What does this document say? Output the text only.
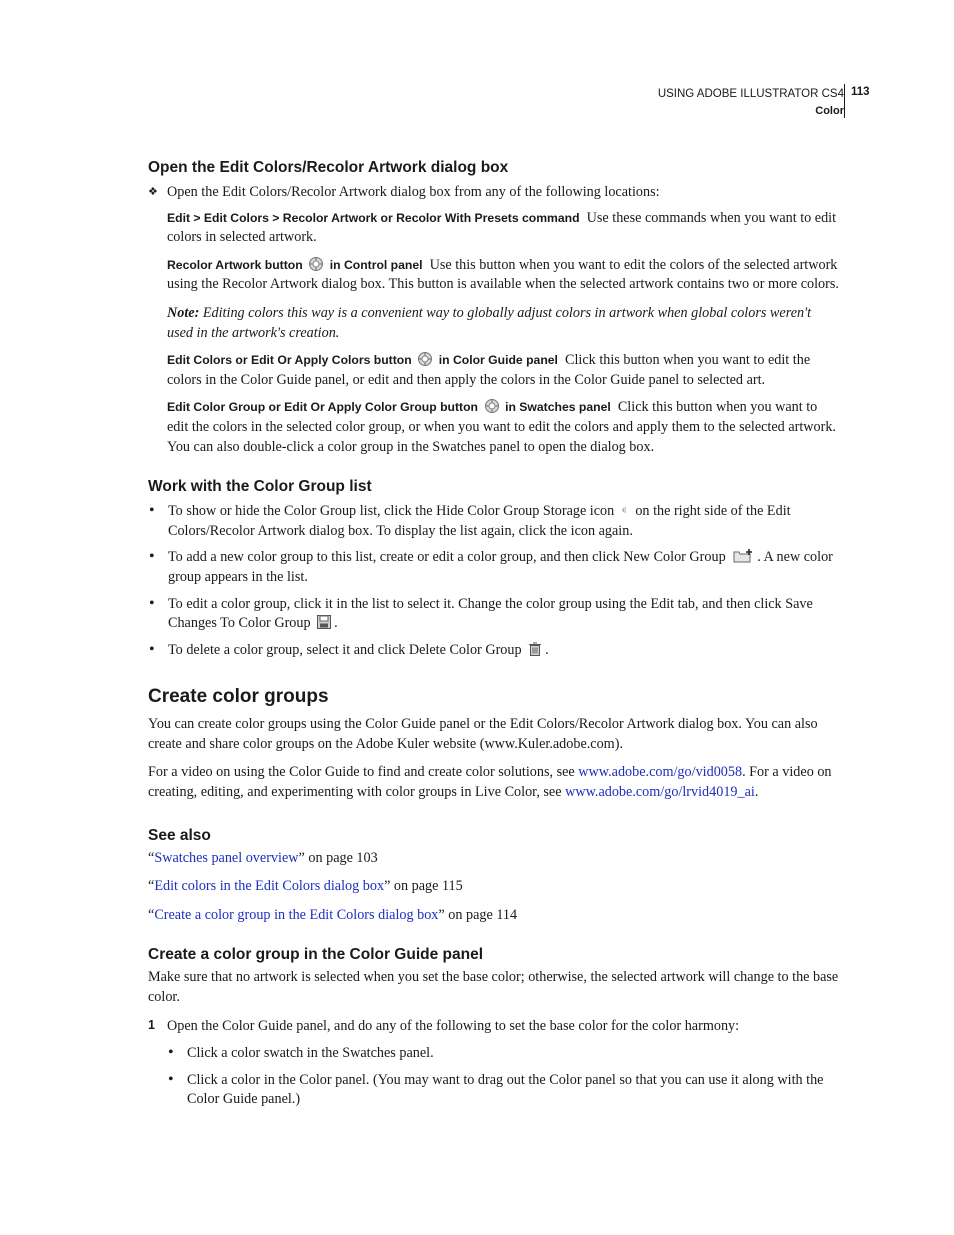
USING ADOBE ILLUSTRATOR CS4
Color
113
Open the Edit Colors/Recolor Artwork dialog box
❖ Open the Edit Colors/Recolor Artwork dialog box from any of the following locations:

Edit > Edit Colors > Recolor Artwork or Recolor With Presets command Use these commands when you want to edit colors in selected artwork.

Recolor Artwork button in Control panel Use this button when you want to edit the colors of the selected artwork using the Recolor Artwork dialog box. This button is available when the selected artwork contains two or more colors.

Note: Editing colors this way is a convenient way to globally adjust colors in artwork when global colors weren't used in the artwork's creation.

Edit Colors or Edit Or Apply Colors button in Color Guide panel Click this button when you want to edit the colors in the Color Guide panel, or edit and then apply the colors in the Color Guide panel to selected art.

Edit Color Group or Edit Or Apply Color Group button in Swatches panel Click this button when you want to edit the colors in the selected color group, or when you want to edit the colors and apply them to the selected artwork. You can also double-click a color group in the Swatches panel to open the dialog box.

Work with the Color Group list
• To show or hide the Color Group list, click the Hide Color Group Storage icon on the right side of the Edit Colors/Recolor Artwork dialog box. To display the list again, click the icon again.

• To add a new color group to this list, create or edit a color group, and then click New Color Group . A new color group appears in the list.

• To edit a color group, click it in the list to select it. Change the color group using the Edit tab, and then click Save Changes To Color Group .

• To delete a color group, select it and click Delete Color Group .

Create color groups

You can create color groups using the Color Guide panel or the Edit Colors/Recolor Artwork dialog box. You can also create and share color groups on the Adobe Kuler website (www.Kuler.adobe.com).

For a video on using the Color Guide to find and create color solutions, see www.adobe.com/go/vid0058. For a video on creating, editing, and experimenting with color groups in Live Color, see www.adobe.com/go/lrvid4019_ai.

See also

“Swatches panel overview” on page 103

“Edit colors in the Edit Colors dialog box” on page 115

“Create a color group in the Edit Colors dialog box” on page 114

Create a color group in the Color Guide panel

Make sure that no artwork is selected when you set the base color; otherwise, the selected artwork will change to the base color.

1 Open the Color Guide panel, and do any of the following to set the base color for the color harmony:

• Click a color swatch in the Swatches panel.

• Click a color in the Color panel. (You may want to drag out the Color panel so that you can use it along with the Color Guide panel.)
